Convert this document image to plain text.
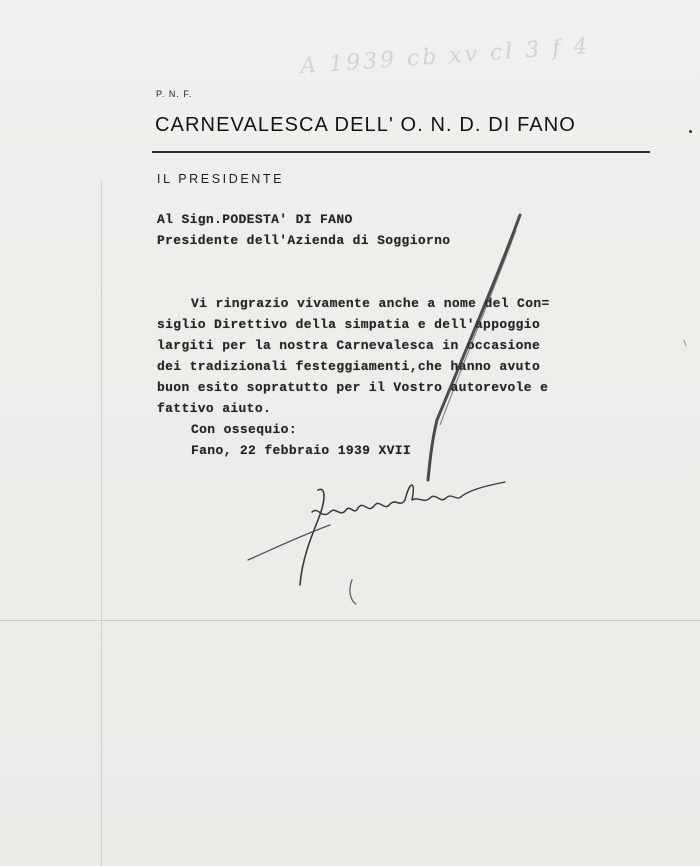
A 1939 cb xv cl 3 f 4
P. N. F.
CARNEVALESCA DELL' O. N. D. DI FANO
IL PRESIDENTE
Al Sign.PODESTA' DI FANO
Presidente dell'Azienda di Soggiorno
Vi ringrazio vivamente anche a nome del Con=
siglio Direttivo della simpatia e dell'appoggio
largiti per la nostra Carnevalesca in occasione
dei tradizionali festeggiamenti,che hanno avuto
buon esito sopratutto per il Vostro autorevole e
fattivo aiuto.
Con ossequio:
Fano, 22 febbraio 1939 XVII
